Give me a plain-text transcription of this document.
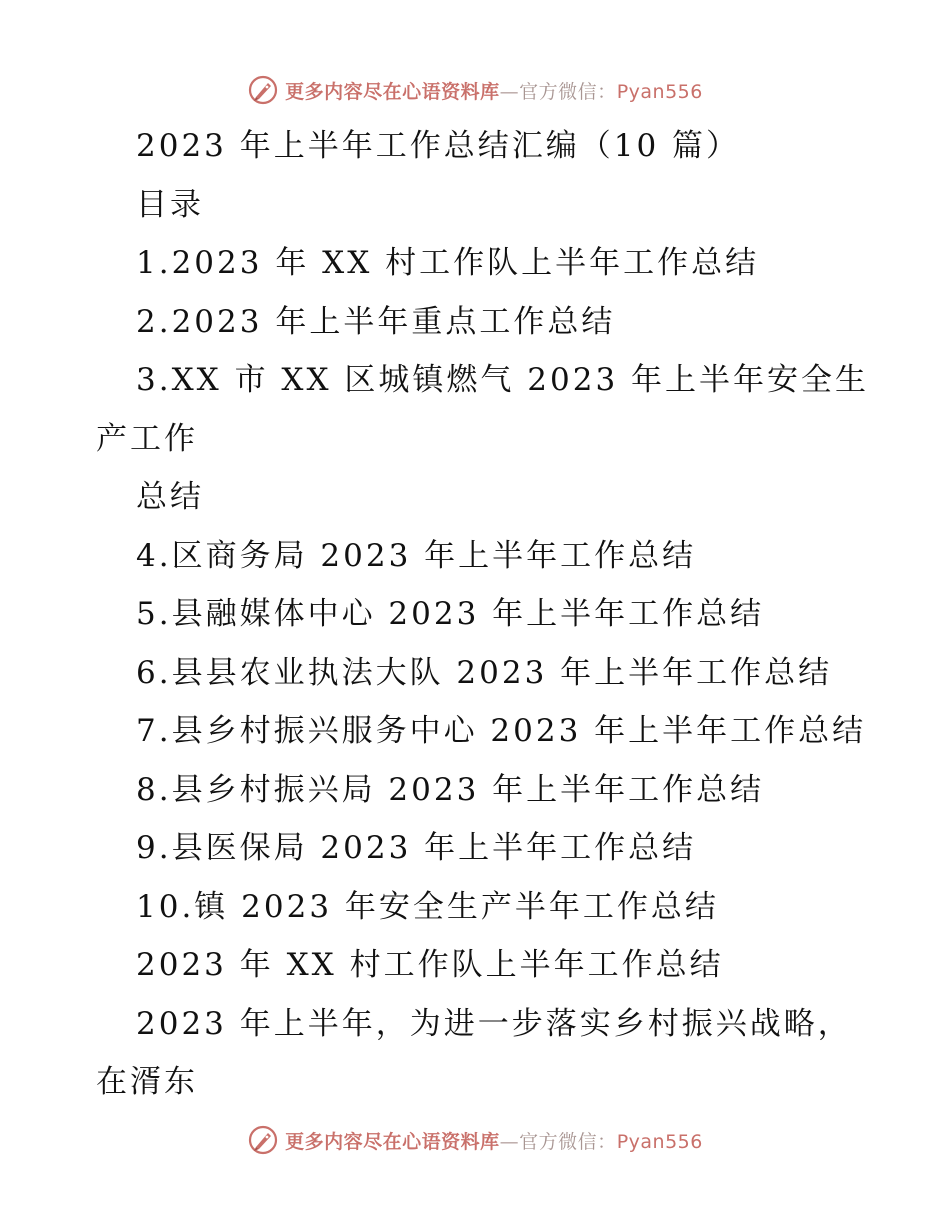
更多内容尽在心语资料库—官方微信：Pyan556
2023 年上半年工作总结汇编（10 篇）
目录
1.2023 年 XX 村工作队上半年工作总结
2.2023 年上半年重点工作总结
3.XX 市 XX 区城镇燃气 2023 年上半年安全生
产工作
总结
4.区商务局 2023 年上半年工作总结
5.县融媒体中心 2023 年上半年工作总结
6.县县农业执法大队 2023 年上半年工作总结
7.县乡村振兴服务中心 2023 年上半年工作总结
8.县乡村振兴局 2023 年上半年工作总结
9.县医保局 2023 年上半年工作总结
10.镇 2023 年安全生产半年工作总结
2023 年 XX 村工作队上半年工作总结
2023 年上半年，为进一步落实乡村振兴战略，
在湑东
更多内容尽在心语资料库—官方微信：Pyan556
